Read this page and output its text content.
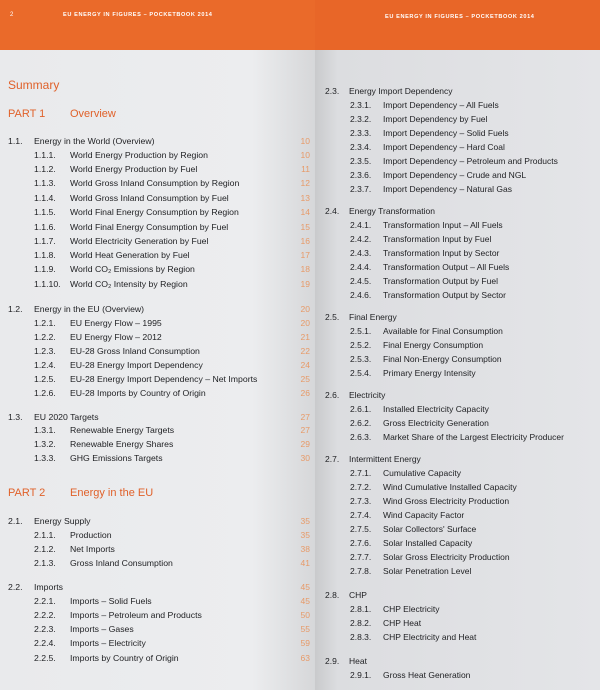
2	EU ENERGY IN FIGURES – POCKETBOOK 2014
Summary
PART 1 Overview
PART 2 Energy in the EU
1.1. Energy in the World (Overview)	10
1.1.1. World Energy Production by Region	10
1.1.2. World Energy Production by Fuel	11
1.1.3. World Gross Inland Consumption by Region	12
1.1.4. World Gross Inland Consumption by Fuel	13
1.1.5. World Final Energy Consumption by Region	14
1.1.6. World Final Energy Consumption by Fuel	15
1.1.7. World Electricity Generation by Fuel	16
1.1.8. World Heat Generation by Fuel	17
1.1.9. World CO₂ Emissions by Region	18
1.1.10. World CO₂ Intensity by Region	19
1.2. Energy in the EU (Overview)	20
1.2.1. EU Energy Flow – 1995	20
1.2.2. EU Energy Flow – 2012	21
1.2.3. EU-28 Gross Inland Consumption	22
1.2.4. EU-28 Energy Import Dependency	24
1.2.5. EU-28 Energy Import Dependency – Net Imports	25
1.2.6. EU-28 Imports by Country of Origin	26
1.3. EU 2020 Targets	27
1.3.1. Renewable Energy Targets	27
1.3.2. Renewable Energy Shares	29
1.3.3. GHG Emissions Targets	30
2.1. Energy Supply	35
2.1.1. Production	35
2.1.2. Net Imports	38
2.1.3. Gross Inland Consumption	41
2.2. Imports	45
2.2.1. Imports – Solid Fuels	45
2.2.2. Imports – Petroleum and Products	50
2.2.3. Imports – Gases	55
2.2.4. Imports – Electricity	59
2.2.5. Imports by Country of Origin	63
EU ENERGY IN FIGURES – POCKETBOOK 2014
2.3. Energy Import Dependency
2.3.1. Import Dependency – All Fuels
2.3.2. Import Dependency by Fuel
2.3.3. Import Dependency – Solid Fuels
2.3.4. Import Dependency – Hard Coal
2.3.5. Import Dependency – Petroleum and Products
2.3.6. Import Dependency – Crude and NGL
2.3.7. Import Dependency – Natural Gas
2.4. Energy Transformation
2.4.1. Transformation Input – All Fuels
2.4.2. Transformation Input by Fuel
2.4.3. Transformation Input by Sector
2.4.4. Transformation Output – All Fuels
2.4.5. Transformation Output by Fuel
2.4.6. Transformation Output by Sector
2.5. Final Energy
2.5.1. Available for Final Consumption
2.5.2. Final Energy Consumption
2.5.3. Final Non-Energy Consumption
2.5.4. Primary Energy Intensity
2.6. Electricity
2.6.1. Installed Electricity Capacity
2.6.2. Gross Electricity Generation
2.6.3. Market Share of the Largest Electricity Producer
2.7. Intermittent Energy
2.7.1. Cumulative Capacity
2.7.2. Wind Cumulative Installed Capacity
2.7.3. Wind Gross Electricity Production
2.7.4. Wind Capacity Factor
2.7.5. Solar Collectors' Surface
2.7.6. Solar Installed Capacity
2.7.7. Solar Gross Electricity Production
2.7.8. Solar Penetration Level
2.8. CHP
2.8.1. CHP Electricity
2.8.2. CHP Heat
2.8.3. CHP Electricity and Heat
2.9. Heat
2.9.1. Gross Heat Generation
